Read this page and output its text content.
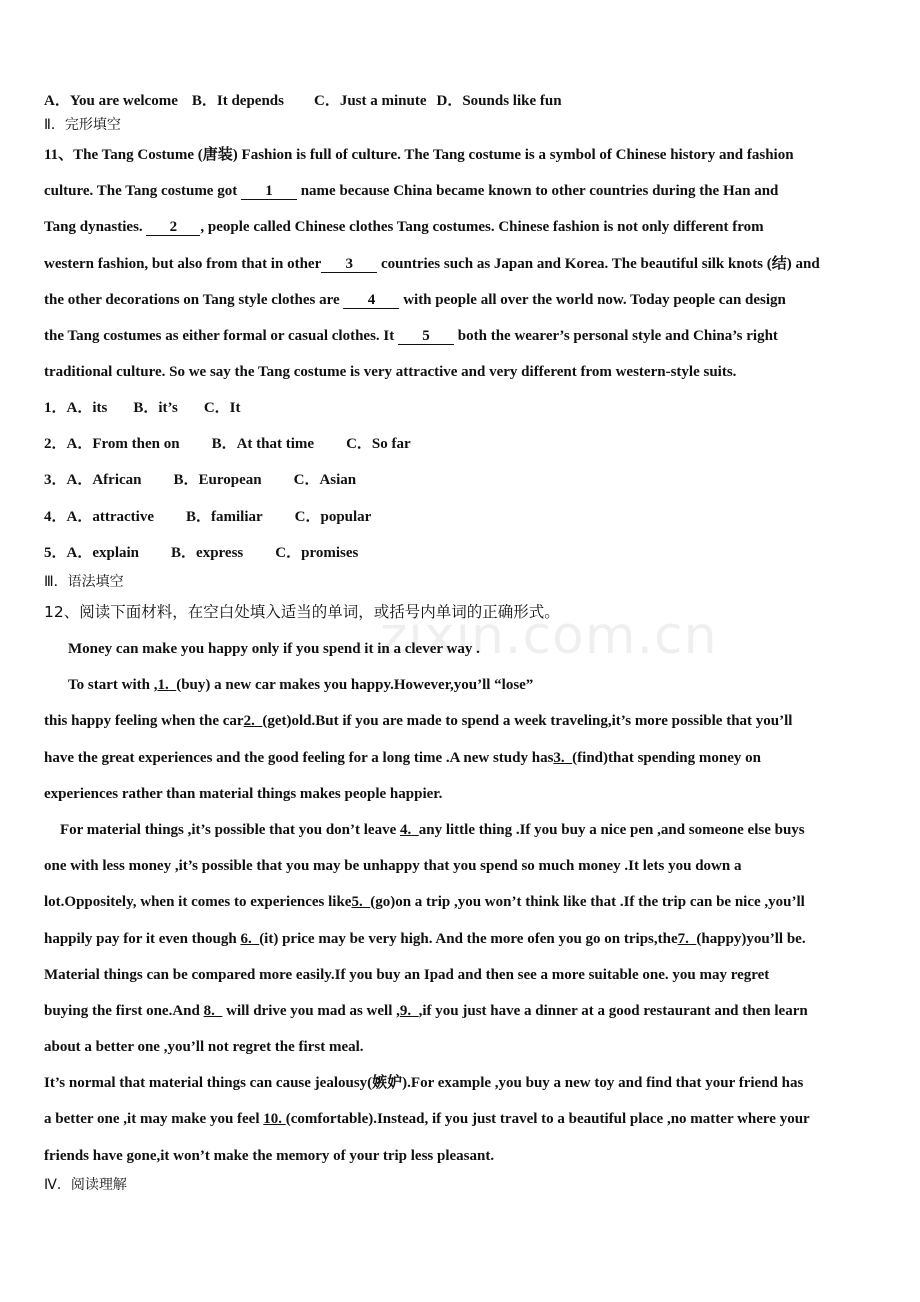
zixin.com.cn
A．You are welcome B．It depends C．Just a minute D．Sounds like fun
Ⅱ．完形填空
11、The Tang Costume (唐装) Fashion is full of culture. The Tang costume is a symbol of Chinese history and fashion
culture. The Tang costume got 1 name because China became known to other countries during the Han and
Tang dynasties. 2 , people called Chinese clothes Tang costumes. Chinese fashion is not only different from
western fashion, but also from that in other 3 countries such as Japan and Korea. The beautiful silk knots (结) and
the other decorations on Tang style clothes are 4 with people all over the world now. Today people can design
the Tang costumes as either formal or casual clothes. It 5 both the wearer’s personal style and China’s right
traditional culture. So we say the Tang costume is very attractive and very different from western-style suits.
1．A．its B．it’s C．It
2．A．From then on B．At that time C．So far
3．A．African B．European C．Asian
4．A．attractive B．familiar C．popular
5．A．explain B．express C．promises
Ⅲ．语法填空
12、阅读下面材料，在空白处填入适当的单词，或括号内单词的正确形式。
Money can make you happy only if you spend it in a clever way .
To start with ,1. (buy) a new car makes you happy.However,you’ll “lose”
this happy feeling when the car2. (get)old.But if you are made to spend a week traveling,it’s more possible that you’ll
have the great experiences and the good feeling for a long time .A new study has3. (find)that spending money on
experiences rather than material things makes people happier.
For material things ,it’s possible that you don’t leave 4. any little thing .If you buy a nice pen ,and someone else buys
one with less money ,it’s possible that you may be unhappy that you spend so much money .It lets you down a
lot.Oppositely, when it comes to experiences like5. (go)on a trip ,you won’t think like that .If the trip can be nice ,you’ll
happily pay for it even though 6. (it) price may be very high. And the more ofen you go on trips,the7. (happy)you’ll be.
Material things can be compared more easily.If you buy an Ipad and then see a more suitable one. you may regret
buying the first one.And 8. will drive you mad as well ,9. ,if you just have a dinner at a good restaurant and then learn
about a better one ,you’ll not regret the first meal.
It’s normal that material things can cause jealousy(嫉妒).For example ,you buy a new toy and find that your friend has
a better one ,it may make you feel 10. (comfortable).Instead, if you just travel to a beautiful place ,no matter where your
friends have gone,it won’t make the memory of your trip less pleasant.
Ⅳ．阅读理解
